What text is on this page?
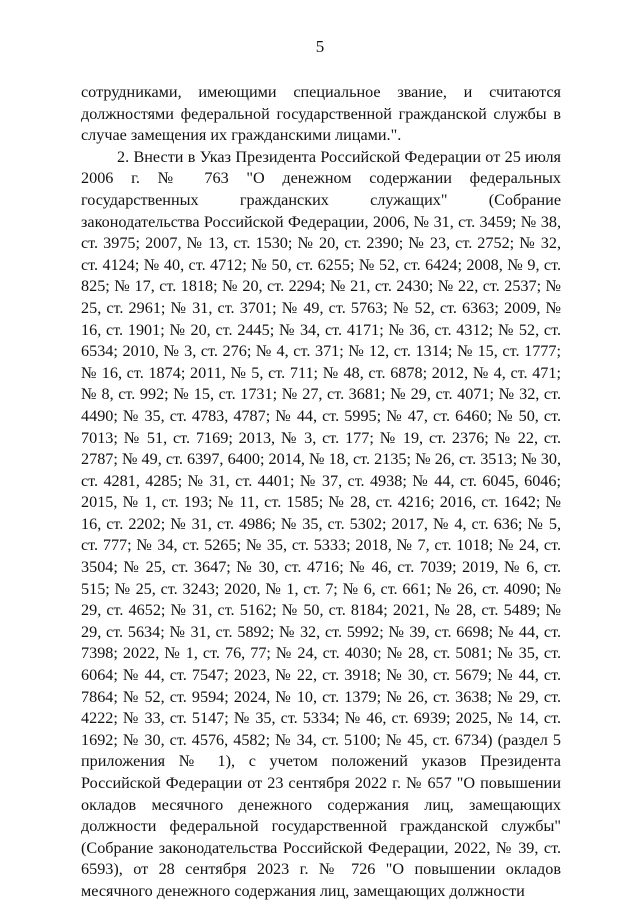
5

сотрудниками, имеющими специальное звание, и считаются должностями федеральной государственной гражданской службы в случае замещения их гражданскими лицами.".

2. Внести в Указ Президента Российской Федерации от 25 июля 2006 г. № 763 "О денежном содержании федеральных государственных гражданских служащих" (Собрание законодательства Российской Федерации, 2006, № 31, ст. 3459; № 38, ст. 3975; 2007, № 13, ст. 1530; № 20, ст. 2390; № 23, ст. 2752; № 32, ст. 4124; № 40, ст. 4712; № 50, ст. 6255; № 52, ст. 6424; 2008, № 9, ст. 825; № 17, ст. 1818; № 20, ст. 2294; № 21, ст. 2430; № 22, ст. 2537; № 25, ст. 2961; № 31, ст. 3701; № 49, ст. 5763; № 52, ст. 6363; 2009, № 16, ст. 1901; № 20, ст. 2445; № 34, ст. 4171; № 36, ст. 4312; № 52, ст. 6534; 2010, № 3, ст. 276; № 4, ст. 371; № 12, ст. 1314; № 15, ст. 1777; № 16, ст. 1874; 2011, № 5, ст. 711; № 48, ст. 6878; 2012, № 4, ст. 471; № 8, ст. 992; № 15, ст. 1731; № 27, ст. 3681; № 29, ст. 4071; № 32, ст. 4490; № 35, ст. 4783, 4787; № 44, ст. 5995; № 47, ст. 6460; № 50, ст. 7013; № 51, ст. 7169; 2013, № 3, ст. 177; № 19, ст. 2376; № 22, ст. 2787; № 49, ст. 6397, 6400; 2014, № 18, ст. 2135; № 26, ст. 3513; № 30, ст. 4281, 4285; № 31, ст. 4401; № 37, ст. 4938; № 44, ст. 6045, 6046; 2015, № 1, ст. 193; № 11, ст. 1585; № 28, ст. 4216; 2016, ст. 1642; № 16, ст. 2202; № 31, ст. 4986; № 35, ст. 5302; 2017, № 4, ст. 636; № 5, ст. 777; № 34, ст. 5265; № 35, ст. 5333; 2018, № 7, ст. 1018; № 24, ст. 3504; № 25, ст. 3647; № 30, ст. 4716; № 46, ст. 7039; 2019, № 6, ст. 515; № 25, ст. 3243; 2020, № 1, ст. 7; № 6, ст. 661; № 26, ст. 4090; № 29, ст. 4652; № 31, ст. 5162; № 50, ст. 8184; 2021, № 28, ст. 5489; № 29, ст. 5634; № 31, ст. 5892; № 32, ст. 5992; № 39, ст. 6698; № 44, ст. 7398; 2022, № 1, ст. 76, 77; № 24, ст. 4030; № 28, ст. 5081; № 35, ст. 6064; № 44, ст. 7547; 2023, № 22, ст. 3918; № 30, ст. 5679; № 44, ст. 7864; № 52, ст. 9594; 2024, № 10, ст. 1379; № 26, ст. 3638; № 29, ст. 4222; № 33, ст. 5147; № 35, ст. 5334; № 46, ст. 6939; 2025, № 14, ст. 1692; № 30, ст. 4576, 4582; № 34, ст. 5100; № 45, ст. 6734) (раздел 5 приложения № 1), с учетом положений указов Президента Российской Федерации от 23 сентября 2022 г. № 657 "О повышении окладов месячного денежного содержания лиц, замещающих должности федеральной государственной гражданской службы" (Собрание законодательства Российской Федерации, 2022, № 39, ст. 6593), от 28 сентября 2023 г. № 726 "О повышении окладов месячного денежного содержания лиц, замещающих должности
